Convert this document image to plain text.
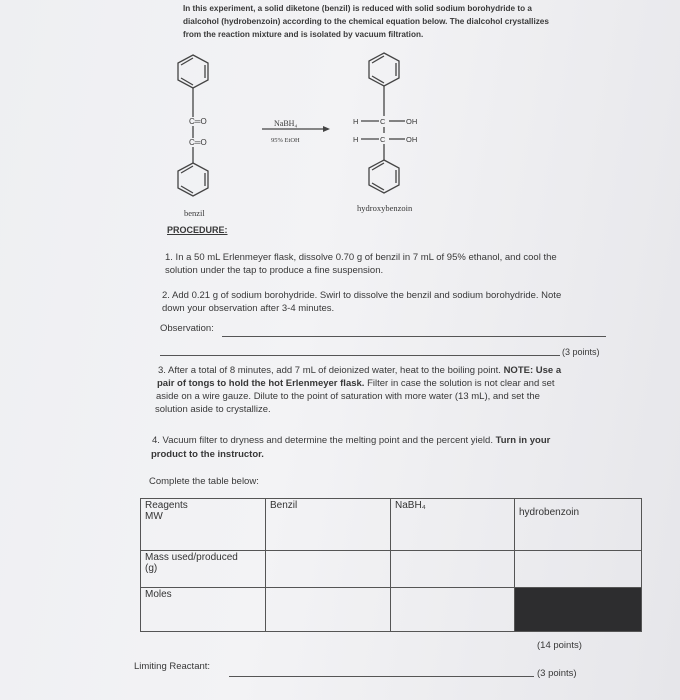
In this experiment, a solid diketone (benzil) is reduced with solid sodium borohydride to a
dialcohol (hydrobenzoin) according to the chemical equation below. The dialcohol crystallizes
from the reaction mixture and is isolated by vacuum filtration.
C═O
C═O
NaBH₄
95% EtOH
H	C	OH
H	C	OH
benzil	hydroxybenzoin
PROCEDURE:
1. In a 50 mL Erlenmeyer flask, dissolve 0.70 g of benzil in 7 mL of 95% ethanol, and cool the
solution under the tap to produce a fine suspension.
2. Add 0.21 g of sodium borohydride. Swirl to dissolve the benzil and sodium borohydride. Note
down your observation after 3-4 minutes.
Observation:
(3 points)
3. After a total of 8 minutes, add 7 mL of deionized water, heat to the boiling point. NOTE: Use a
pair of tongs to hold the hot Erlenmeyer flask. Filter in case the solution is not clear and set
aside on a wire gauze. Dilute to the point of saturation with more water (13 mL), and set the
solution aside to crystallize.
4. Vacuum filter to dryness and determine the melting point and the percent yield. Turn in your
product to the instructor.
Complete the table below:
Reagents
MW	Benzil	NaBH₄	hydrobenzoin

Mass used/produced
(g)			

Moles			
(14 points)
Limiting Reactant:
(3 points)
